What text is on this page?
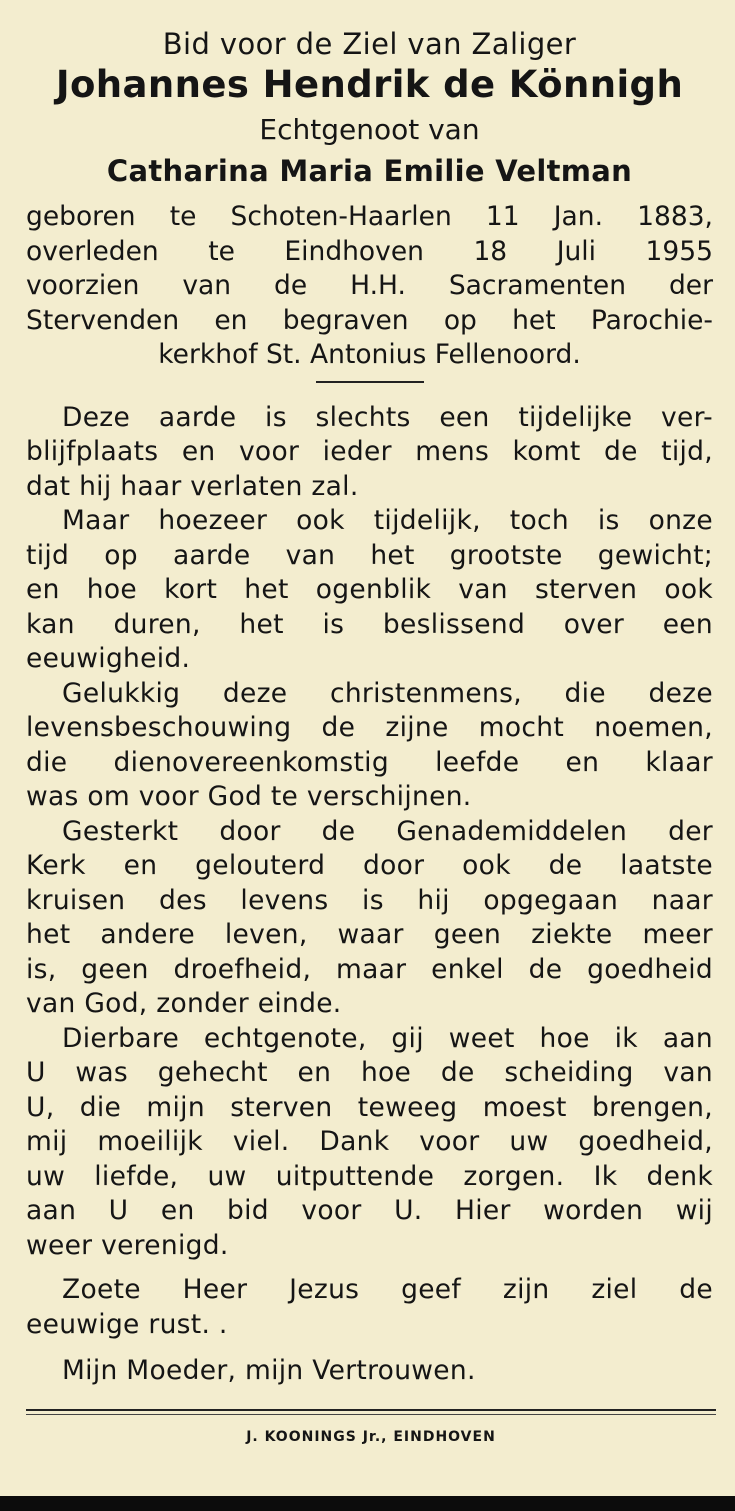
Bid voor de Ziel van Zaliger
Johannes Hendrik de Könnigh
Echtgenoot van
Catharina Maria Emilie Veltman
geboren te Schoten-Haarlen 11 Jan. 1883,
overleden te Eindhoven 18 Juli 1955
voorzien van de H.H. Sacramenten der
Stervenden en begraven op het Parochie-
kerkhof St. Antonius Fellenoord.
Deze aarde is slechts een tijdelijke ver-
blijfplaats en voor ieder mens komt de tijd,
dat hij haar verlaten zal.
Maar hoezeer ook tijdelijk, toch is onze
tijd op aarde van het grootste gewicht;
en hoe kort het ogenblik van sterven ook
kan duren, het is beslissend over een
eeuwigheid.
Gelukkig deze christenmens, die deze
levensbeschouwing de zijne mocht noemen,
die dienovereenkomstig leefde en klaar
was om voor God te verschijnen.
Gesterkt door de Genademiddelen der
Kerk en gelouterd door ook de laatste
kruisen des levens is hij opgegaan naar
het andere leven, waar geen ziekte meer
is, geen droefheid, maar enkel de goedheid
van God, zonder einde.
Dierbare echtgenote, gij weet hoe ik aan
U was gehecht en hoe de scheiding van
U, die mijn sterven teweeg moest brengen,
mij moeilijk viel. Dank voor uw goedheid,
uw liefde, uw uitputtende zorgen. Ik denk
aan U en bid voor U. Hier worden wij
weer verenigd.
Zoete Heer Jezus geef zijn ziel de
eeuwige rust. .
Mijn Moeder, mijn Vertrouwen.
J. KOONINGS Jr., EINDHOVEN
